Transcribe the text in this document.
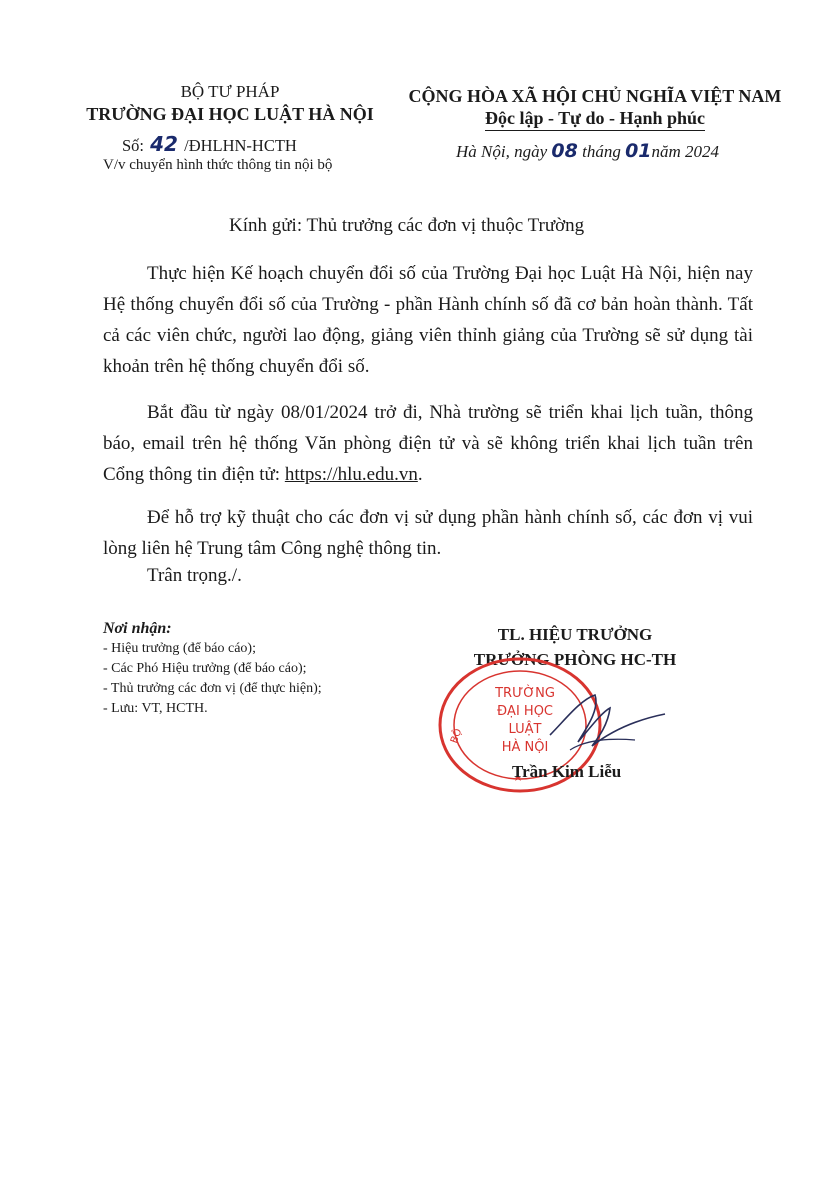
BỘ TƯ PHÁP
TRƯỜNG ĐẠI HỌC LUẬT HÀ NỘI
Số: 42 /ĐHLHN-HCTH
V/v chuyển hình thức thông tin nội bộ
CỘNG HÒA XÃ HỘI CHỦ NGHĨA VIỆT NAM
Độc lập - Tự do - Hạnh phúc
Hà Nội, ngày 08 tháng 01năm 2024
Kính gửi: Thủ trưởng các đơn vị thuộc Trường
Thực hiện Kế hoạch chuyển đổi số của Trường Đại học Luật Hà Nội, hiện nay Hệ thống chuyển đổi số của Trường - phần Hành chính số đã cơ bản hoàn thành. Tất cả các viên chức, người lao động, giảng viên thỉnh giảng của Trường sẽ sử dụng tài khoản trên hệ thống chuyển đổi số.
Bắt đầu từ ngày 08/01/2024 trở đi, Nhà trường sẽ triển khai lịch tuần, thông báo, email trên hệ thống Văn phòng điện tử và sẽ không triển khai lịch tuần trên Cổng thông tin điện tử: https://hlu.edu.vn.
Để hỗ trợ kỹ thuật cho các đơn vị sử dụng phần hành chính số, các đơn vị vui lòng liên hệ Trung tâm Công nghệ thông tin.
Trân trọng./.
Nơi nhận:
- Hiệu trưởng (để báo cáo);
- Các Phó Hiệu trưởng (để báo cáo);
- Thủ trưởng các đơn vị (để thực hiện);
- Lưu: VT, HCTH.
TL. HIỆU TRƯỞNG
TRƯỞNG PHÒNG HC-TH
TRƯỜNG
ĐẠI HỌC
LUẬT
HÀ NỘI
BỘ
Trần Kim Liễu
